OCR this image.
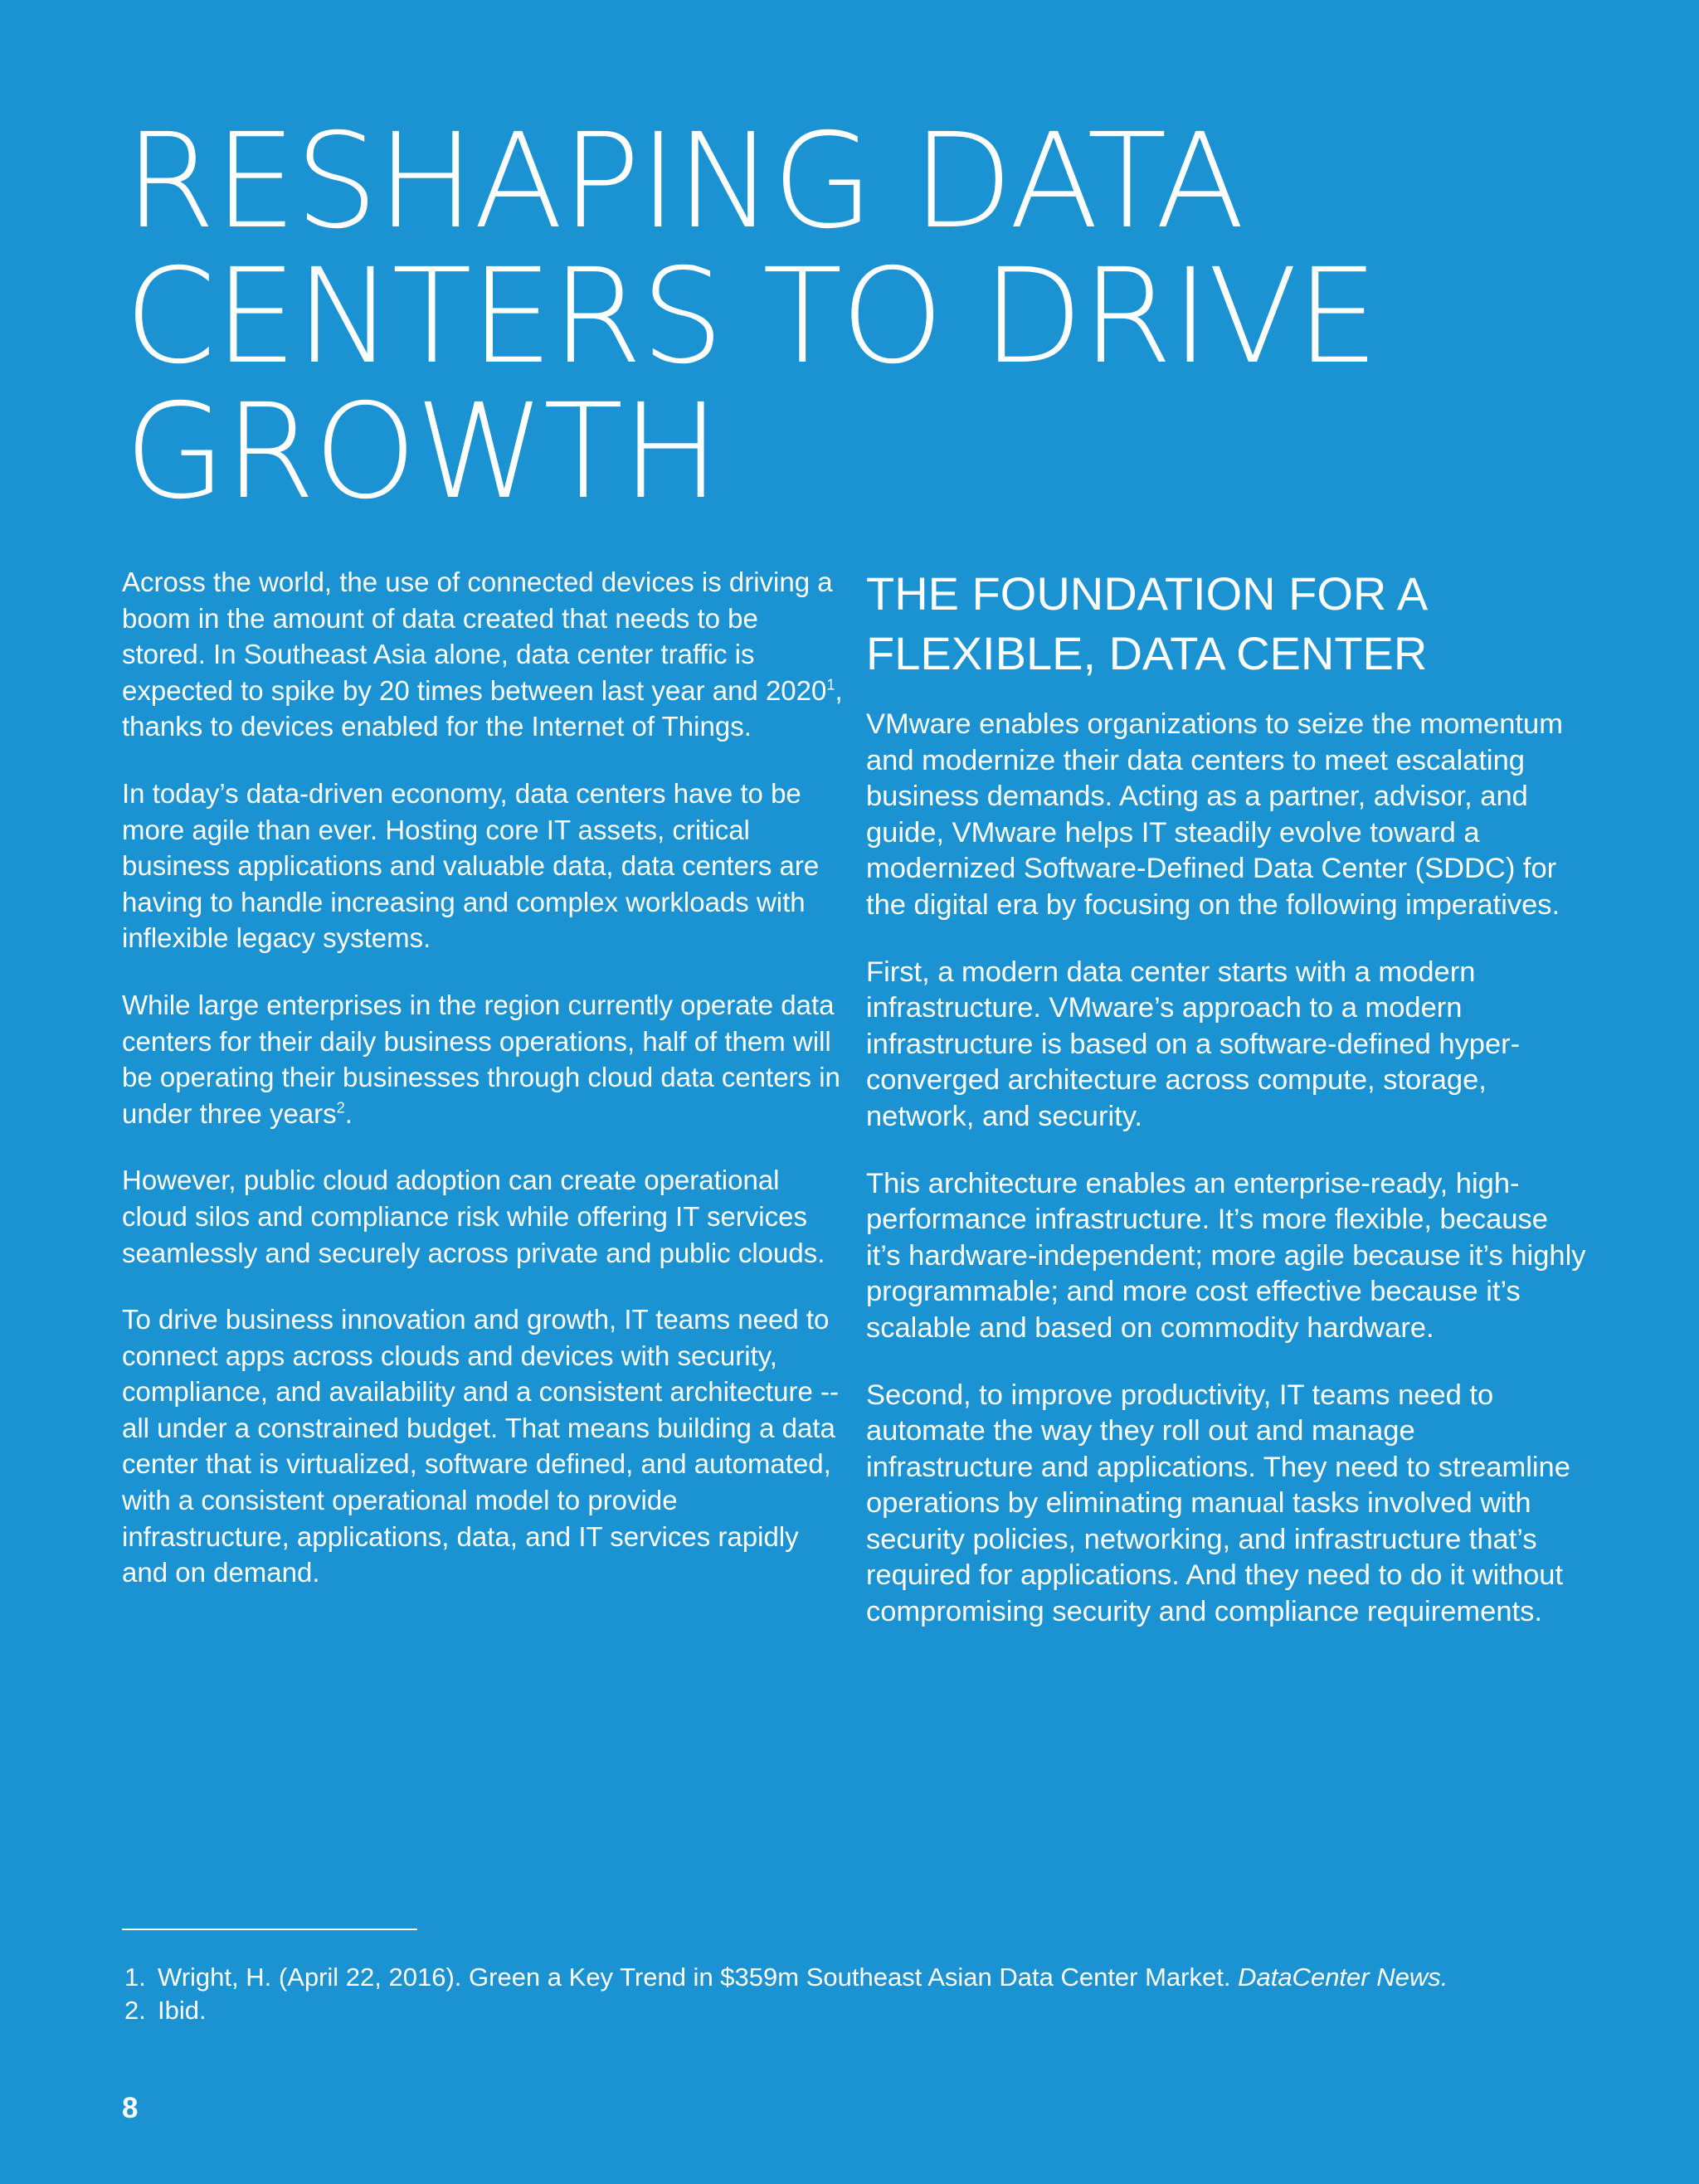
RESHAPING DATA
CENTERS TO DRIVE
GROWTH

Across the world, the use of connected devices is driving a boom in the amount of data created that needs to be stored. In Southeast Asia alone, data center traffic is expected to spike by 20 times between last year and 2020$^1$, thanks to devices enabled for the Internet of Things.

In today’s data-driven economy, data centers have to be more agile than ever. Hosting core IT assets, critical business applications and valuable data, data centers are having to handle increasing and complex workloads with inflexible legacy systems.

While large enterprises in the region currently operate data centers for their daily business operations, half of them will be operating their businesses through cloud data centers in under three years$^2$.

However, public cloud adoption can create operational cloud silos and compliance risk while offering IT services seamlessly and securely across private and public clouds.

To drive business innovation and growth, IT teams need to connect apps across clouds and devices with security, compliance, and availability and a consistent architecture -- all under a constrained budget. That means building a data center that is virtualized, software defined, and automated, with a consistent operational model to provide infrastructure, applications, data, and IT services rapidly and on demand.

THE FOUNDATION FOR A
FLEXIBLE, DATA CENTER

VMware enables organizations to seize the momentum and modernize their data centers to meet escalating business demands. Acting as a partner, advisor, and guide, VMware helps IT steadily evolve toward a modernized Software-Defined Data Center (SDDC) for the digital era by focusing on the following imperatives.

First, a modern data center starts with a modern infrastructure. VMware’s approach to a modern infrastructure is based on a software-defined hyper-converged architecture across compute, storage, network, and security.

This architecture enables an enterprise-ready, high-performance infrastructure. It’s more flexible, because it’s hardware-independent; more agile because it’s highly programmable; and more cost effective because it’s scalable and based on commodity hardware.

Second, to improve productivity, IT teams need to automate the way they roll out and manage infrastructure and applications. They need to streamline operations by eliminating manual tasks involved with security policies, networking, and infrastructure that’s required for applications. And they need to do it without compromising security and compliance requirements.

1. Wright, H. (April 22, 2016). Green a Key Trend in $359m Southeast Asian Data Center Market. DataCenter News.
2. Ibid.
8
